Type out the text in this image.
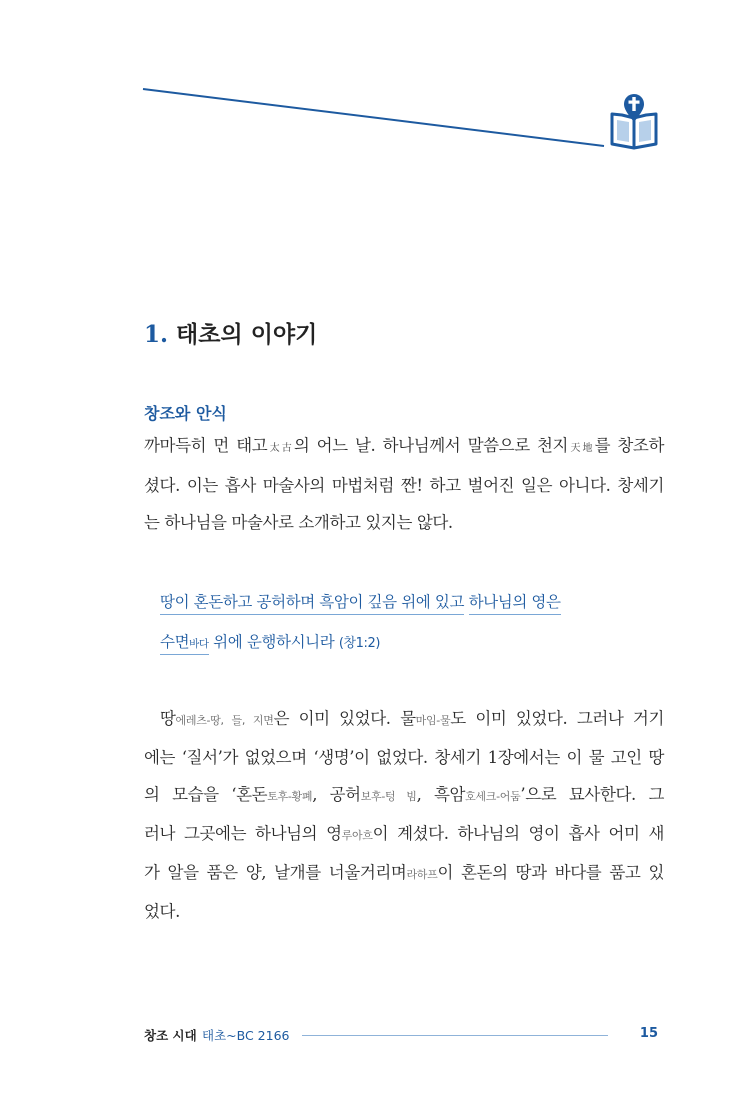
1. 태초의 이야기
창조와 안식
까마득히 먼 태고太古의 어느 날. 하나님께서 말씀으로 천지天地를 창조하
셨다. 이는 흡사 마술사의 마법처럼 짠! 하고 벌어진 일은 아니다. 창세기
는 하나님을 마술사로 소개하고 있지는 않다.
땅이 혼돈하고 공허하며 흑암이 깊음 위에 있고 하나님의 영은
수면바다 위에 운행하시니라 (창1:2)
땅에레츠-땅, 들, 지면은 이미 있었다. 물마임-물도 이미 있었다. 그러나 거기
에는 ‘질서’가 없었으며 ‘생명’이 없었다. 창세기 1장에서는 이 물 고인 땅
의 모습을 ‘혼돈토후-황폐, 공허보후-텅 빔, 흑암호세크-어둠’으로 묘사한다. 그
러나 그곳에는 하나님의 영루아흐이 계셨다. 하나님의 영이 흡사 어미 새
가 알을 품은 양, 날개를 너울거리며라하프이 혼돈의 땅과 바다를 품고 있
었다.
창조 시대 태초~BC 2166	15
